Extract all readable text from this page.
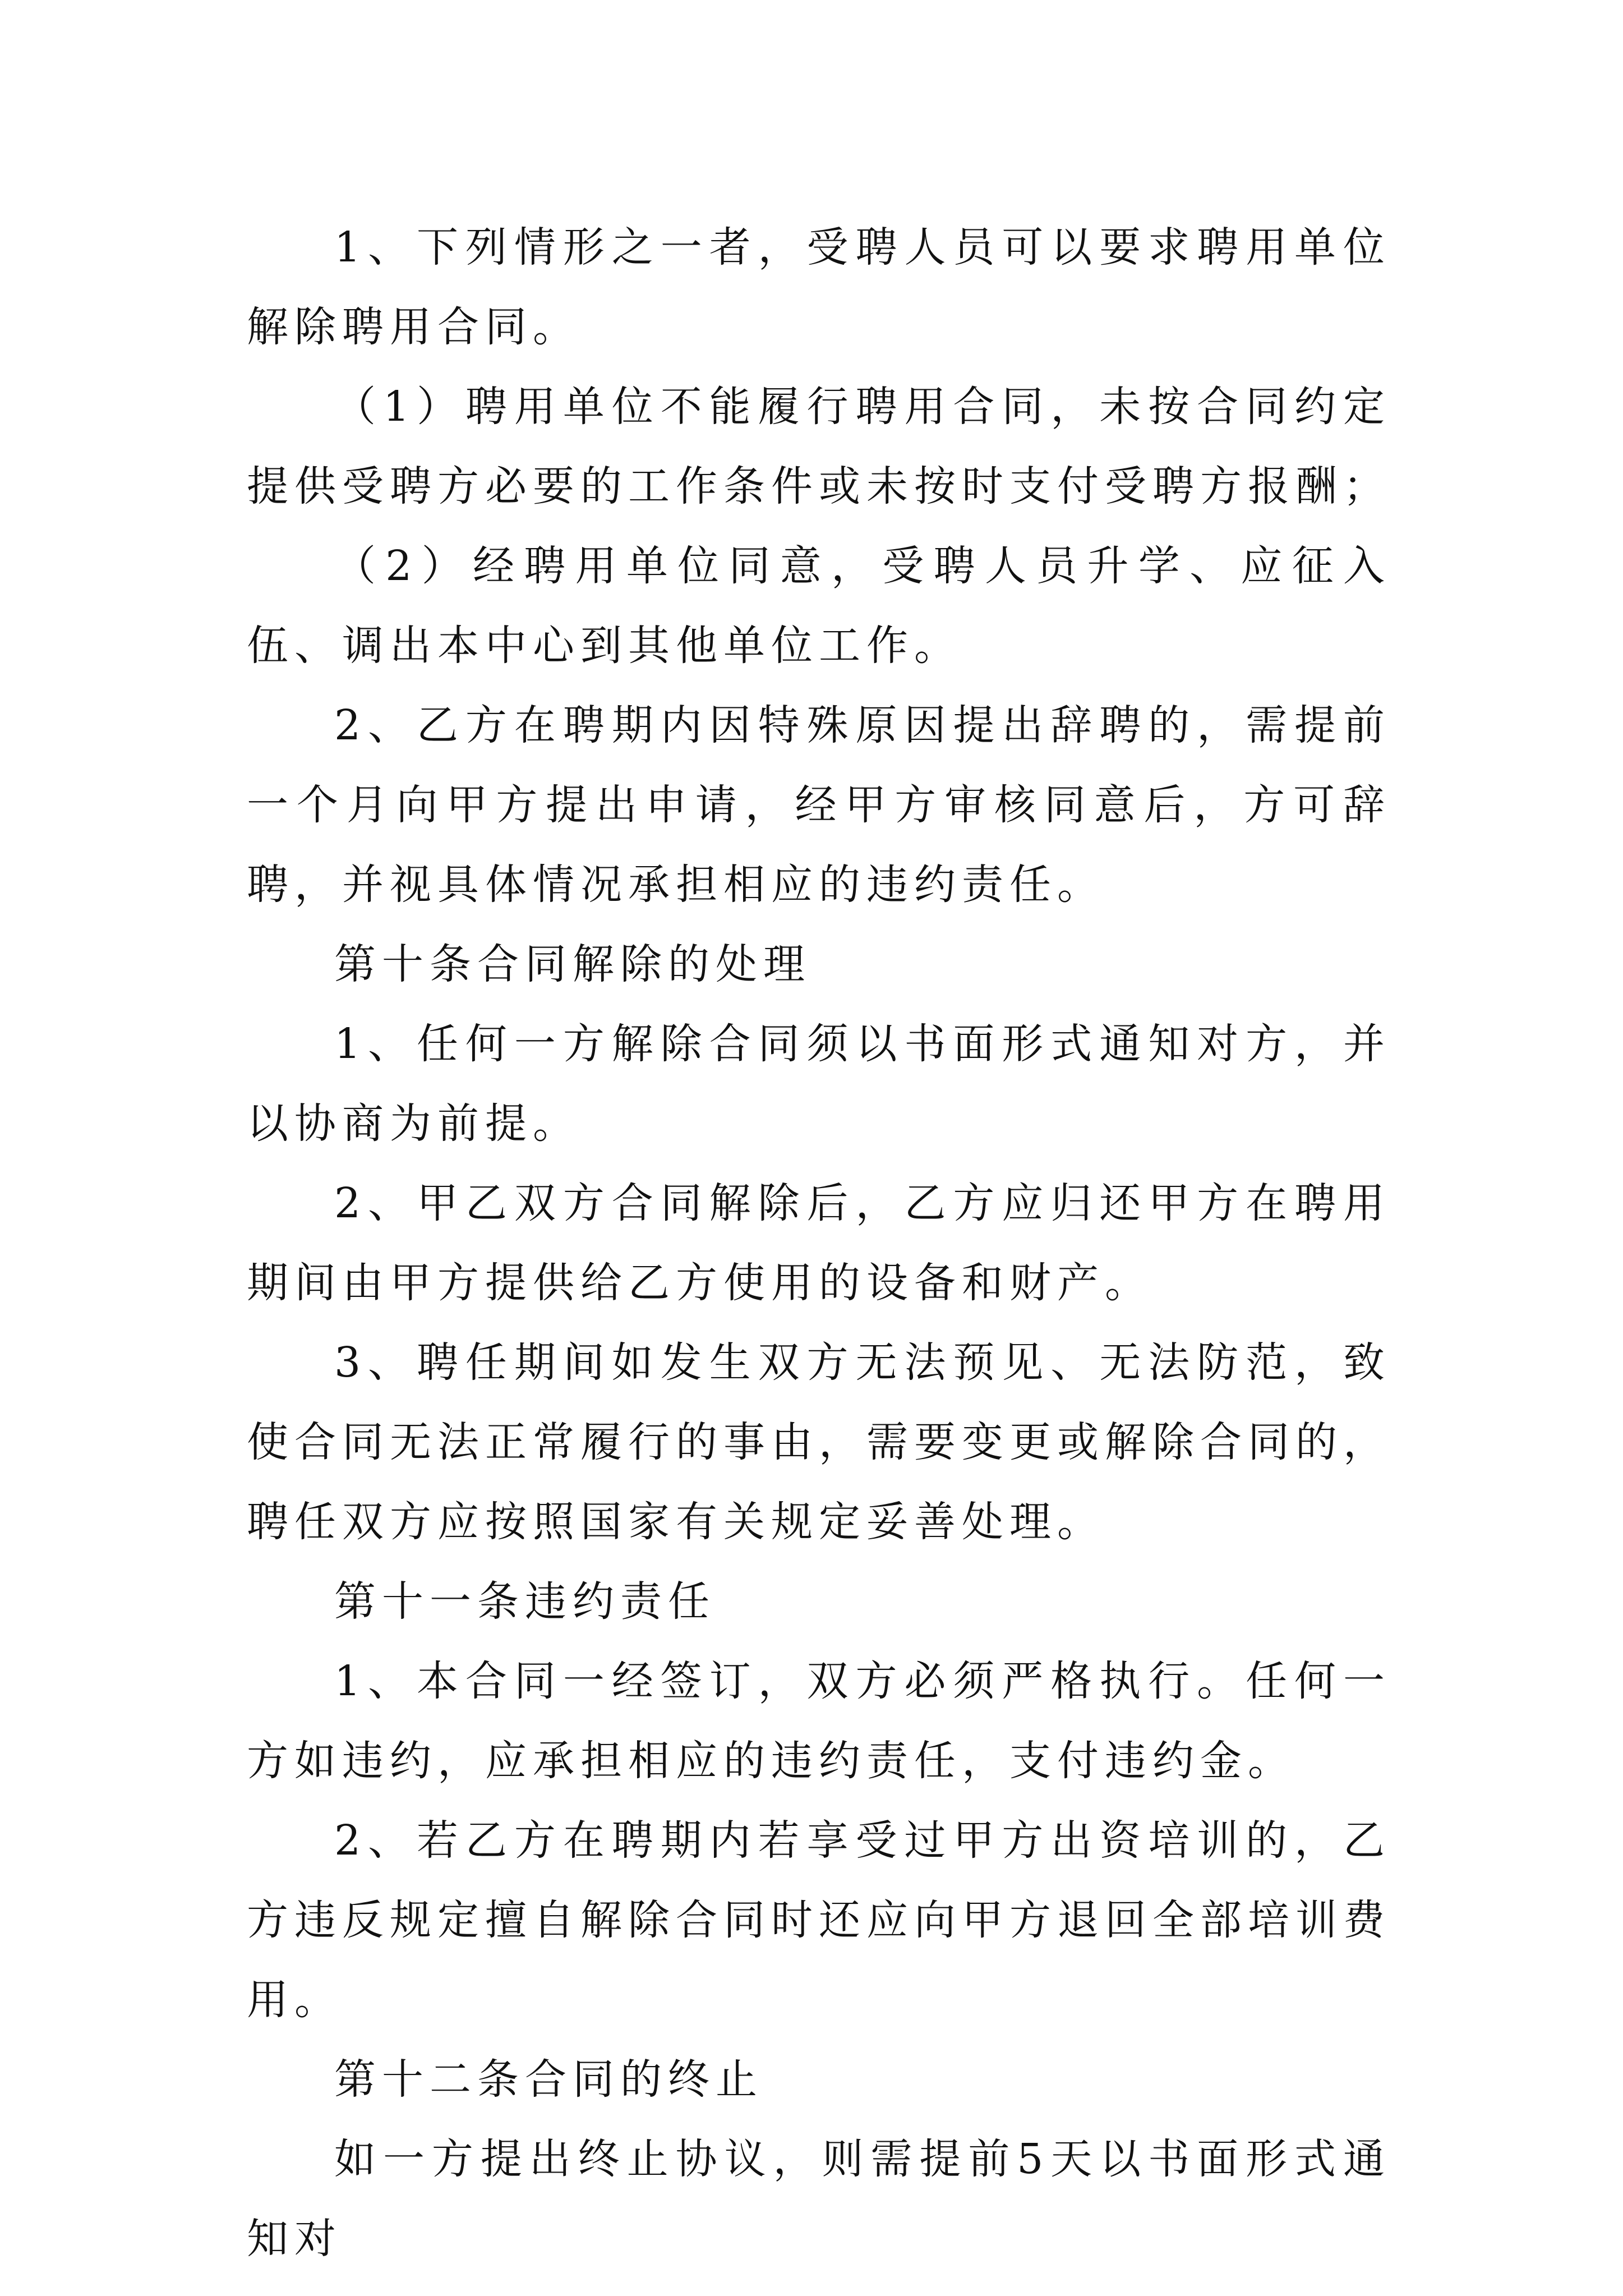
1、下列情形之一者，受聘人员可以要求聘用单位解除聘用合同。

（1）聘用单位不能履行聘用合同，未按合同约定提供受聘方必要的工作条件或未按时支付受聘方报酬；

（2）经聘用单位同意，受聘人员升学、应征入伍、调出本中心到其他单位工作。

2、乙方在聘期内因特殊原因提出辞聘的，需提前一个月向甲方提出申请，经甲方审核同意后，方可辞聘，并视具体情况承担相应的违约责任。

第十条合同解除的处理

1、任何一方解除合同须以书面形式通知对方，并以协商为前提。

2、甲乙双方合同解除后，乙方应归还甲方在聘用期间由甲方提供给乙方使用的设备和财产。

3、聘任期间如发生双方无法预见、无法防范，致使合同无法正常履行的事由，需要变更或解除合同的，聘任双方应按照国家有关规定妥善处理。

第十一条违约责任

1、本合同一经签订，双方必须严格执行。任何一方如违约，应承担相应的违约责任，支付违约金。

2、若乙方在聘期内若享受过甲方出资培训的，乙方违反规定擅自解除合同时还应向甲方退回全部培训费用。

第十二条合同的终止

如一方提出终止协议，则需提前5天以书面形式通知对
